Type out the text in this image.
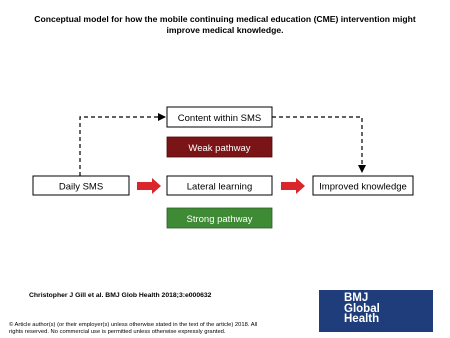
Conceptual model for how the mobile continuing medical education (CME) intervention might
improve medical knowledge.
Content within SMS
Weak pathway
Daily SMS	Lateral learning	Improved knowledge
Strong pathway
Christopher J Gill et al. BMJ Glob Health 2018;3:e000632
© Article author(s) (or their employer(s) unless otherwise stated in the text of the article) 2018. All
rights reserved. No commercial use is permitted unless otherwise expressly granted.
BMJ
Global
Health
